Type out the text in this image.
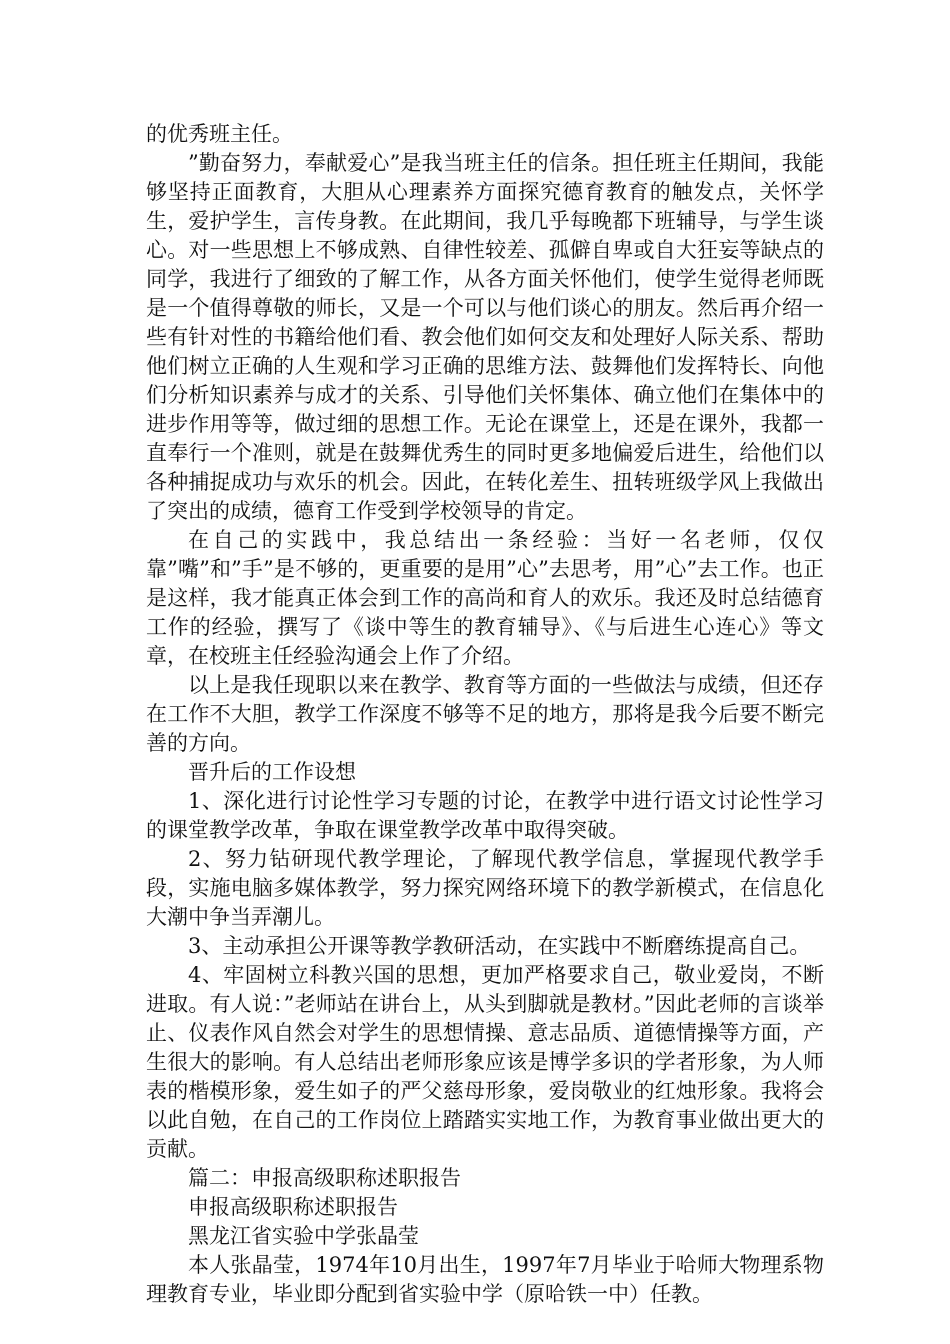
的优秀班主任。

”勤奋努力，奉献爱心”是我当班主任的信条。担任班主任期间，我能够坚持正面教育，大胆从心理素养方面探究德育教育的触发点，关怀学生，爱护学生，言传身教。在此期间，我几乎每晚都下班辅导，与学生谈心。对一些思想上不够成熟、自律性较差、孤僻自卑或自大狂妄等缺点的同学，我进行了细致的了解工作，从各方面关怀他们，使学生觉得老师既是一个值得尊敬的师长，又是一个可以与他们谈心的朋友。然后再介绍一些有针对性的书籍给他们看、教会他们如何交友和处理好人际关系、帮助他们树立正确的人生观和学习正确的思维方法、鼓舞他们发挥特长、向他们分析知识素养与成才的关系、引导他们关怀集体、确立他们在集体中的进步作用等等，做过细的思想工作。无论在课堂上，还是在课外，我都一直奉行一个准则，就是在鼓舞优秀生的同时更多地偏爱后进生，给他们以各种捕捉成功与欢乐的机会。因此，在转化差生、扭转班级学风上我做出了突出的成绩，德育工作受到学校领导的肯定。

在自己的实践中，我总结出一条经验：当好一名老师，仅仅靠”嘴”和”手”是不够的，更重要的是用”心”去思考，用”心”去工作。也正是这样，我才能真正体会到工作的高尚和育人的欢乐。我还及时总结德育工作的经验，撰写了《谈中等生的教育辅导》、《与后进生心连心》等文章，在校班主任经验沟通会上作了介绍。

以上是我任现职以来在教学、教育等方面的一些做法与成绩，但还存在工作不大胆，教学工作深度不够等不足的地方，那将是我今后要不断完善的方向。

晋升后的工作设想

1、深化进行讨论性学习专题的讨论，在教学中进行语文讨论性学习的课堂教学改革，争取在课堂教学改革中取得突破。

2、努力钻研现代教学理论，了解现代教学信息，掌握现代教学手段，实施电脑多媒体教学，努力探究网络环境下的教学新模式，在信息化大潮中争当弄潮儿。

3、主动承担公开课等教学教研活动，在实践中不断磨练提高自己。

4、牢固树立科教兴国的思想，更加严格要求自己，敬业爱岗，不断进取。有人说：”老师站在讲台上，从头到脚就是教材。”因此老师的言谈举止、仪表作风自然会对学生的思想情操、意志品质、道德情操等方面，产生很大的影响。有人总结出老师形象应该是博学多识的学者形象，为人师表的楷模形象，爱生如子的严父慈母形象，爱岗敬业的红烛形象。我将会以此自勉，在自己的工作岗位上踏踏实实地工作，为教育事业做出更大的贡献。

篇二：申报高级职称述职报告

申报高级职称述职报告

黑龙江省实验中学张晶莹

本人张晶莹，1974年10月出生，1997年7月毕业于哈师大物理系物理教育专业，毕业即分配到省实验中学（原哈铁一中）任教。
